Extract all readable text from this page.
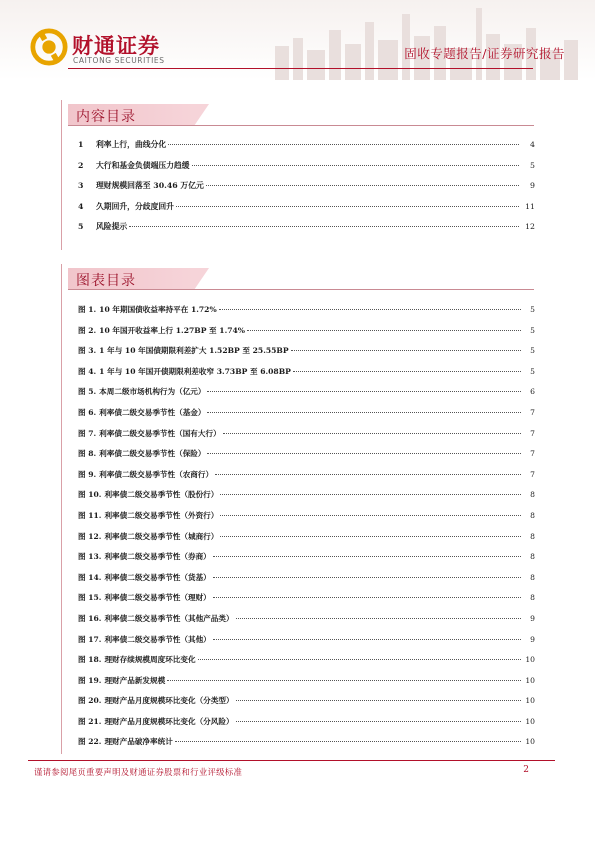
财通证券
CAITONG SECURITIES	固收专题报告/证券研究报告
内容目录
1	利率上行，曲线分化	4
2	大行和基金负债端压力趋缓	5
3	理财规模回落至 30.46 万亿元	9
4	久期回升，分歧度回升	11
5	风险提示	12
图表目录
图 1. 10 年期国债收益率持平在 1.72%	5
图 2. 10 年国开收益率上行 1.27BP 至 1.74%	5
图 3. 1 年与 10 年国债期限利差扩大 1.52BP 至 25.55BP	5
图 4. 1 年与 10 年国开债期限利差收窄 3.73BP 至 6.08BP	5
图 5. 本周二级市场机构行为（亿元）	6
图 6. 利率债二级交易季节性（基金）	7
图 7. 利率债二级交易季节性（国有大行）	7
图 8. 利率债二级交易季节性（保险）	7
图 9. 利率债二级交易季节性（农商行）	7
图 10. 利率债二级交易季节性（股份行）	8
图 11. 利率债二级交易季节性（外资行）	8
图 12. 利率债二级交易季节性（城商行）	8
图 13. 利率债二级交易季节性（券商）	8
图 14. 利率债二级交易季节性（货基）	8
图 15. 利率债二级交易季节性（理财）	8
图 16. 利率债二级交易季节性（其他产品类）	9
图 17. 利率债二级交易季节性（其他）	9
图 18. 理财存续规模周度环比变化	10
图 19. 理财产品新发规模	10
图 20. 理财产品月度规模环比变化（分类型）	10
图 21. 理财产品月度规模环比变化（分风险）	10
图 22. 理财产品破净率统计	10
谨请参阅尾页重要声明及财通证券股票和行业评级标准	2
